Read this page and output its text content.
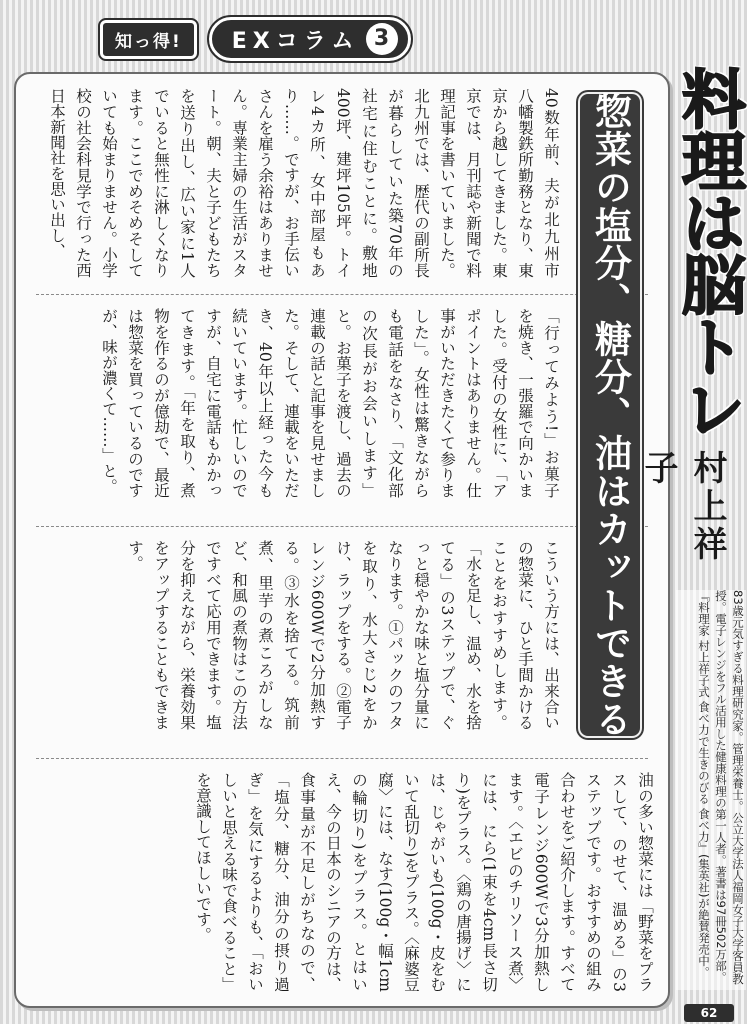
知っ得!	EXコラム 3
40数年前、夫が北九州市八幡製鉄所勤務となり、東京から越してきました。東京では、月刊誌や新聞で料理記事を書いていました。北九州では、歴代の副所長が暮らしていた築70年の社宅に住むことに。敷地400坪、建坪105坪。トイレ4カ所、女中部屋もあり……。ですが、お手伝いさんを雇う余裕はありません。専業主婦の生活がスタート。朝、夫と子どもたちを送り出し、広い家に1人でいると無性に淋しくなります。ここでめそめそしていても始まりません。小学校の社会科見学で行った西日本新聞社を思い出し、
「行ってみよう!」お菓子を焼き、一張羅で向かいました。受付の女性に、「アポイントはありません。仕事がいただきたくて参りました」。女性は驚きながらも電話をなさり、「文化部の次長がお会いします」と。お菓子を渡し、過去の連載の話と記事を見せました。そして、連載をいただき、40年以上経った今も続いています。忙しいのですが、自宅に電話もかかってきます。「年を取り、煮物を作るのが億劫で、最近は惣菜を買っているのですが、味が濃くて……」と。
こういう方には、出来合いの惣菜に、ひと手間かけることをおすすめします。「水を足し、温め、水を捨てる」の3ステップで、ぐっと穏やかな味と塩分量になります。①パックのフタを取り、水大さじ2をかけ、ラップをする。②電子レンジ600Wで2分加熱する。③水を捨てる。筑前煮、里芋の煮ころがしなど、和風の煮物はこの方法ですべて応用できます。塩分を抑えながら、栄養効果をアップすることもできます。
油の多い惣菜には「野菜をプラスして、のせて、温める」の3ステップです。おすすめの組み合わせをご紹介します。すべて電子レンジ600Wで3分加熱します。〈エビのチリソース煮〉には、にら(1束を4cm長さ切り)をプラス。〈鶏の唐揚げ〉には、じゃがいも(100g・皮をむいて乱切り)をプラス。〈麻婆豆腐〉には、なす(100g・幅1cmの輪切り)をプラス。とはいえ、今の日本のシニアの方は、食事量が不足しがちなので、「塩分、糖分、油分の摂り過ぎ」を気にするよりも、「おいしいと思える味で食べること」を意識してほしいです。
惣菜の塩分、糖分、油はカットできる 料理は脳トレ
村上祥子
83歳元気すぎる料理研究家。管理栄養士。公立大学法人福岡女子大学客員教授。電子レンジをフル活用した健康料理の第一人者。著書は97冊502万部。『料理家 村上祥子式 食べ力で生きのびる 食べ力』(集英社)が絶賛発売中。
62
